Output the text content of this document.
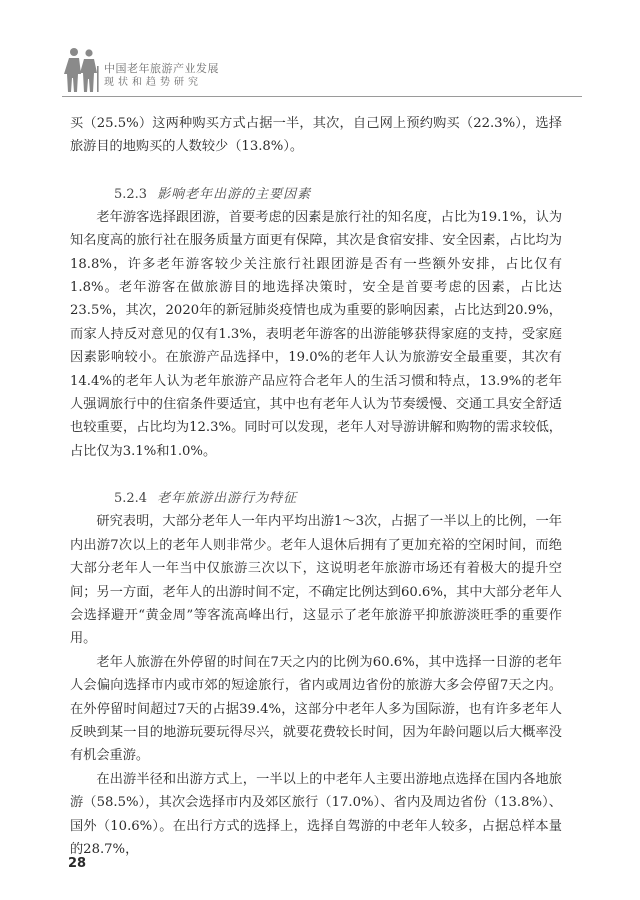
中国老年旅游产业发展
现状和趋势研究

买（25.5%）这两种购买方式占据一半，其次，自己网上预约购买（22.3%），选择旅游目的地购买的人数较少（13.8%）。

5.2.3 影响老年出游的主要因素

老年游客选择跟团游，首要考虑的因素是旅行社的知名度，占比为19.1%，认为知名度高的旅行社在服务质量方面更有保障，其次是食宿安排、安全因素，占比均为18.8%，许多老年游客较少关注旅行社跟团游是否有一些额外安排，占比仅有1.8%。老年游客在做旅游目的地选择决策时，安全是首要考虑的因素，占比达23.5%，其次，2020年的新冠肺炎疫情也成为重要的影响因素，占比达到20.9%，而家人持反对意见的仅有1.3%，表明老年游客的出游能够获得家庭的支持，受家庭因素影响较小。在旅游产品选择中，19.0%的老年人认为旅游安全最重要，其次有14.4%的老年人认为老年旅游产品应符合老年人的生活习惯和特点，13.9%的老年人强调旅行中的住宿条件要适宜，其中也有老年人认为节奏缓慢、交通工具安全舒适也较重要，占比均为12.3%。同时可以发现，老年人对导游讲解和购物的需求较低，占比仅为3.1%和1.0%。

5.2.4 老年旅游出游行为特征

研究表明，大部分老年人一年内平均出游1～3次，占据了一半以上的比例，一年内出游7次以上的老年人则非常少。老年人退休后拥有了更加充裕的空闲时间，而绝大部分老年人一年当中仅旅游三次以下，这说明老年旅游市场还有着极大的提升空间；另一方面，老年人的出游时间不定，不确定比例达到60.6%，其中大部分老年人会选择避开“黄金周”等客流高峰出行，这显示了老年旅游平抑旅游淡旺季的重要作用。

老年人旅游在外停留的时间在7天之内的比例为60.6%，其中选择一日游的老年人会偏向选择市内或市郊的短途旅行，省内或周边省份的旅游大多会停留7天之内。在外停留时间超过7天的占据39.4%，这部分中老年人多为国际游，也有许多老年人反映到某一目的地游玩要玩得尽兴，就要花费较长时间，因为年龄问题以后大概率没有机会重游。

在出游半径和出游方式上，一半以上的中老年人主要出游地点选择在国内各地旅游（58.5%），其次会选择市内及郊区旅行（17.0%）、省内及周边省份（13.8%）、国外（10.6%）。在出行方式的选择上，选择自驾游的中老年人较多，占据总样本量的28.7%，

28
